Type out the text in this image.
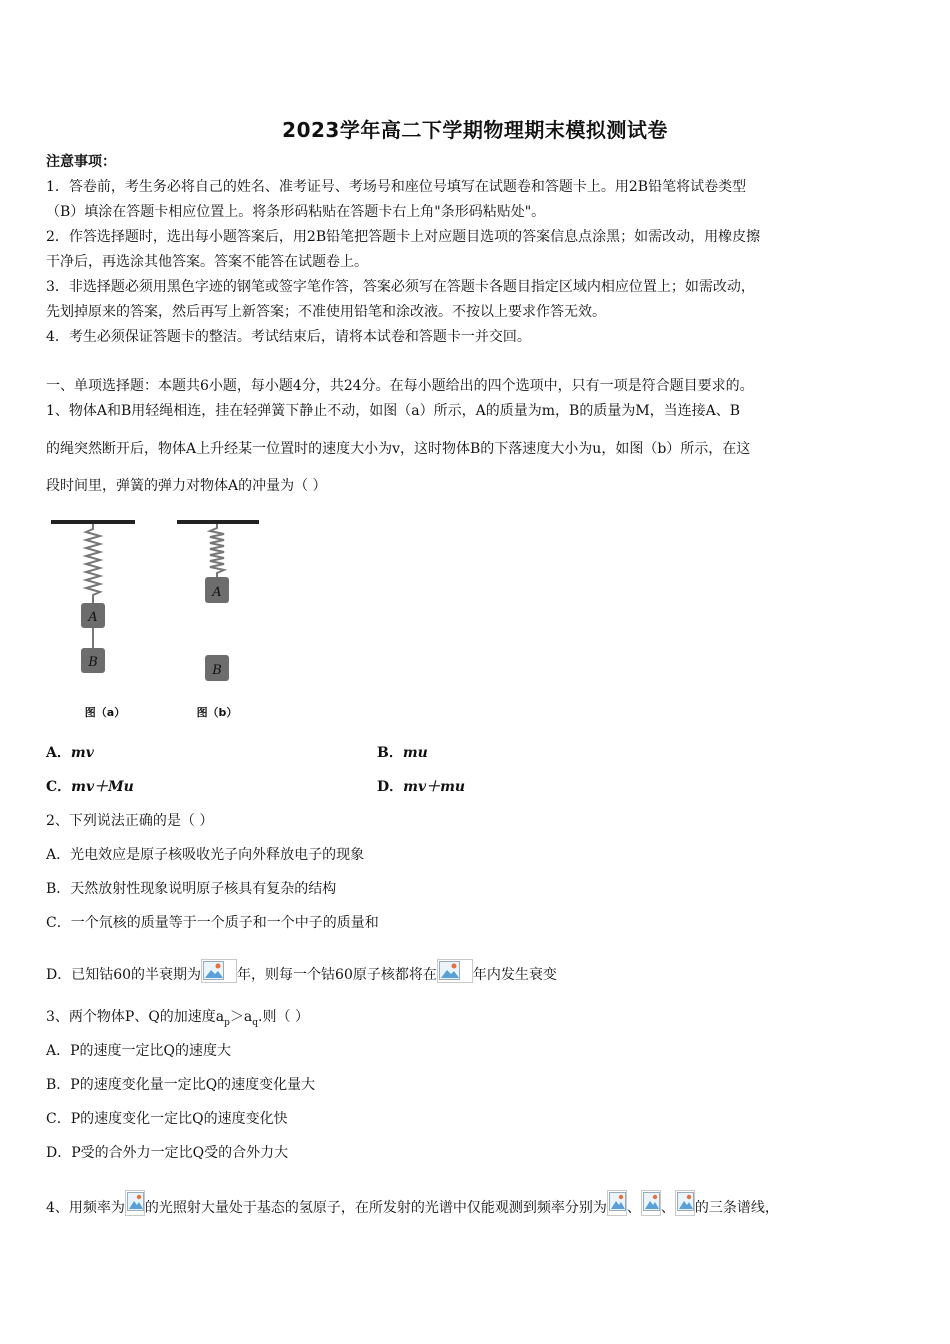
2023学年高二下学期物理期末模拟测试卷
注意事项：
1．答卷前，考生务必将自己的姓名、准考证号、考场号和座位号填写在试题卷和答题卡上。用2B铅笔将试卷类型
（B）填涂在答题卡相应位置上。将条形码粘贴在答题卡右上角"条形码粘贴处"。
2．作答选择题时，选出每小题答案后，用2B铅笔把答题卡上对应题目选项的答案信息点涂黑；如需改动，用橡皮擦
干净后，再选涂其他答案。答案不能答在试题卷上。
3．非选择题必须用黑色字迹的钢笔或签字笔作答，答案必须写在答题卡各题目指定区域内相应位置上；如需改动，
先划掉原来的答案，然后再写上新答案；不准使用铅笔和涂改液。不按以上要求作答无效。
4．考生必须保证答题卡的整洁。考试结束后，请将本试卷和答题卡一并交回。
一、单项选择题：本题共6小题，每小题4分，共24分。在每小题给出的四个选项中，只有一项是符合题目要求的。
1、物体A和B用轻绳相连，挂在轻弹簧下静止不动，如图（a）所示，A的质量为m，B的质量为M，当连接A、B
的绳突然断开后，物体A上升经某一位置时的速度大小为v，这时物体B的下落速度大小为u，如图（b）所示，在这
段时间里，弹簧的弹力对物体A的冲量为（ ）
A
B
图（a）
A
B
图（b）
A．mv	B．mu
C．mv＋Mu	D．mv＋mu
2、下列说法正确的是（ ）
A．光电效应是原子核吸收光子向外释放电子的现象
B．天然放射性现象说明原子核具有复杂的结构
C．一个氘核的质量等于一个质子和一个中子的质量和
D．已知钴60的半衰期为	年，则每一个钴60原子核都将在	年内发生衰变
3、两个物体P、Q的加速度$a_p>a_q$.则（ ）
A．P的速度一定比Q的速度大
B．P的速度变化量一定比Q的速度变化量大
C．P的速度变化一定比Q的速度变化快
D．P受的合外力一定比Q受的合外力大
4、用频率为 的光照射大量处于基态的氢原子，在所发射的光谱中仅能观测到频率分别为 、 、 的三条谱线，
